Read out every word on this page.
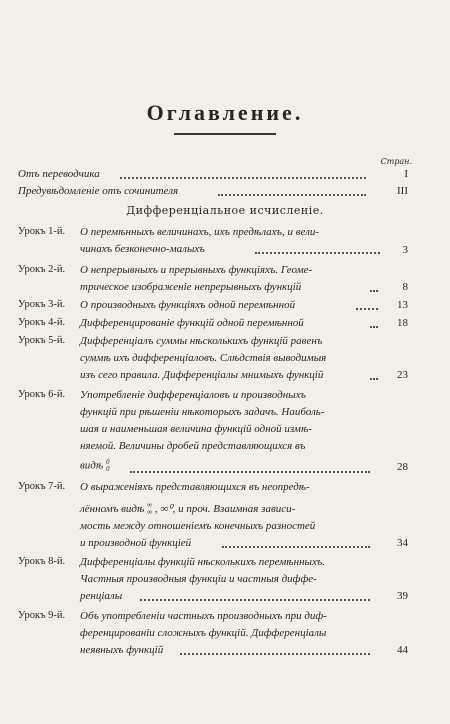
Оглавление.
Стран.
Отъ переводчика	I
Предувѣдомленіе отъ сочинителя	III
Дифференціальное исчисленіе.
Урокъ 1-й. О перемѣнныхъ величинахъ, ихъ предѣлахъ, и вели-
чинахъ безконечно-малыхъ	3
Урокъ 2-й. О непрерывныхъ и прерывныхъ функціяхъ. Геоме-
трическое изображеніе непрерывныхъ функцій	8
Урокъ 3-й. О производныхъ функціяхъ одной перемѣнной	13
Урокъ 4-й. Дифференцированіе функцій одной перемѣнной	18
Урокъ 5-й. Дифференціалъ суммы нѣсколькихъ функцій равенъ
суммѣ ихъ дифференціаловъ. Слѣдствія выводимыя
изъ сего правила. Дифференціалы мнимыхъ функцій	23
Урокъ 6-й. Употребленіе дифференціаловъ и производныхъ
функцій при рѣшеніи нѣкоторыхъ задачъ. Наиболь-
шая и наименьшая величина функцій одной измѣ-
няемой. Величины дробей представляющихся въ
видѣ 0
0	28
Урокъ 7-й. О выраженіяхъ представляющихся въ неопредѣ-
лённомъ видѣ ∞
∞ , ∞⁰, и проч. Взаимная зависи-
мость между отношеніемъ конечныхъ разностей
и производной функціей	34
Урокъ 8-й. Дифференціалы функцій нѣсколькихъ перемѣнныхъ.
Частныя производныя функціи и частныя диффе-
ренціалы	39
Урокъ 9-й. Объ употребленіи частныхъ производныхъ при диф-
ференцированіи сложныхъ функцій. Дифференціалы
неявныхъ функцій	44
